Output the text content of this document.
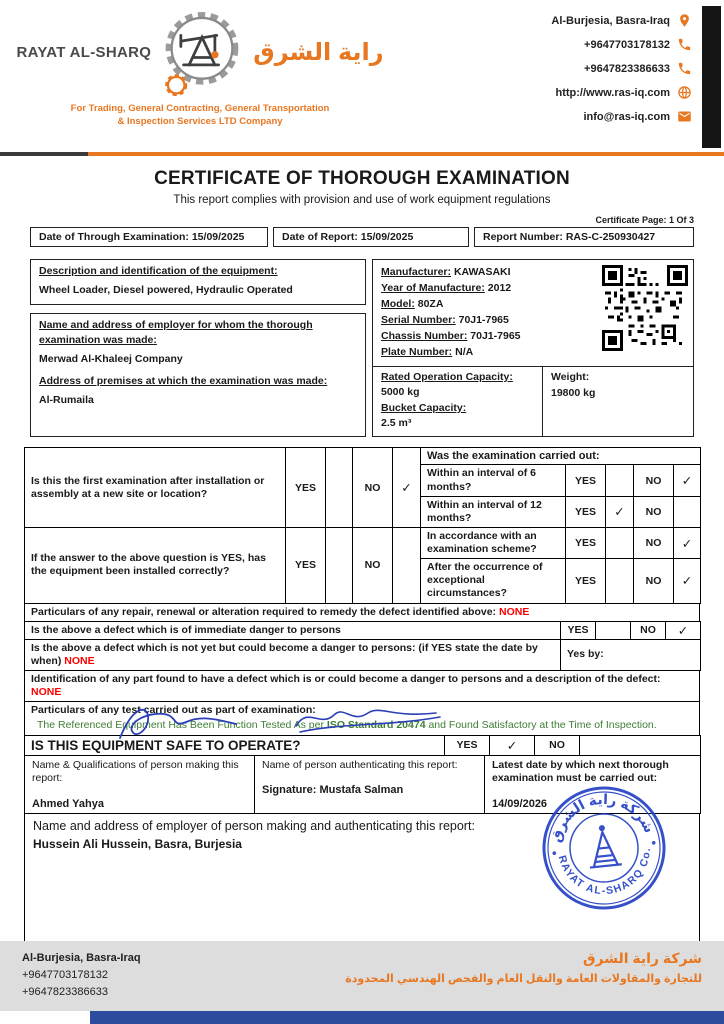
RAYAT AL-SHARQ	راية الشرق
For Trading, General Contracting, General Transportation
& Inspection Services LTD Company
Al-Burjesia, Basra-Iraq
+9647703178132
+9647823386633
http://www.ras-iq.com
info@ras-iq.com
CERTIFICATE OF THOROUGH EXAMINATION
This report complies with provision and use of work equipment regulations
Certificate Page: 1 Of 3
Date of Through Examination: 15/09/2025	Date of Report: 15/09/2025	Report Number: RAS-C-250930427
Description and identification of the equipment:
Wheel Loader, Diesel powered, Hydraulic Operated
Name and address of employer for whom the thorough examination was made:
Merwad Al-Khaleej Company
Address of premises at which the examination was made:
Al-Rumaila
Manufacturer: KAWASAKI
Year of Manufacture: 2012
Model: 80ZA
Serial Number: 70J1-7965
Chassis Number: 70J1-7965
Plate Number: N/A
Rated Operation Capacity:
5000 kg
Bucket Capacity:
2.5 m³
Weight:
19800 kg
Is this the first examination after installation or assembly at a new site or location?	YES		NO	✓	Was the examination carried out:				
					Within an interval of 6 months?	YES		NO	✓
					Within an interval of 12 months?	YES	✓	NO	
If the answer to the above question is YES, has the equipment been installed correctly?	YES		NO		In accordance with an examination scheme?	YES		NO	✓
					After the occurrence of exceptional circumstances?	YES		NO	✓
Particulars of any repair, renewal or alteration required to remedy the defect identified above: NONE
Is the above a defect which is of immediate danger to persons	YES		NO	✓
Is the above a defect which is not yet but could become a danger to persons: (if YES state the date by when) NONE	Yes by:			
Identification of any part found to have a defect which is or could become a danger to persons and a description of the defect: NONE
Particulars of any test carried out as part of examination:
The Referenced Equipment Has Been Function Tested As per ISO Standard 20474 and Found Satisfactory at the Time of Inspection.
IS THIS EQUIPMENT SAFE TO OPERATE?	YES	✓	NO	
Name & Qualifications of person making this report:
Ahmed Yahya

Name of person authenticating this report:
Signature: Mustafa Salman

Latest date by which next thorough examination must be carried out:
14/09/2026
Name and address of employer of person making and authenticating this report:
Hussein Ali Hussein, Basra, Burjesia	شركة راية الشرق
RAYAT AL-SHARQ Co.
Al-Burjesia, Basra-Iraq
+9647703178132
+9647823386633
شركة راية الشرق
للتجارة والمقاولات العامة والنقل العام والفحص الهندسي المحدودة
